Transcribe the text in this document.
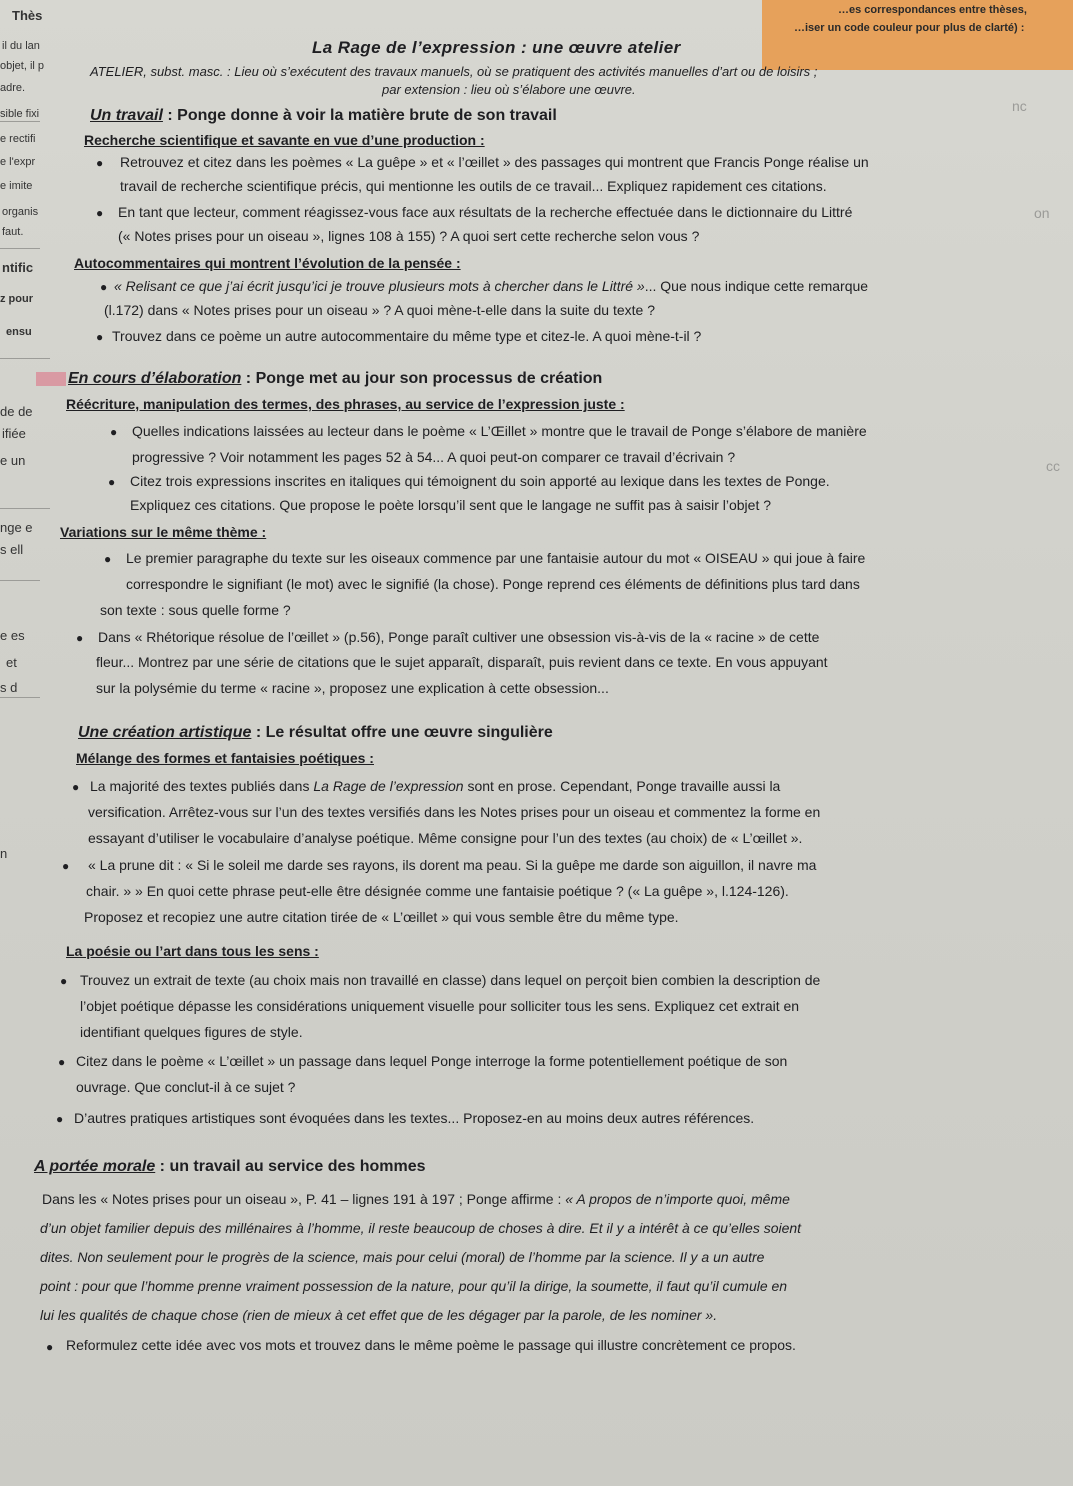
…es correspondances entre thèses,
…iser un code couleur pour plus de clarté) :
Thès
il du lan
objet, il p
adre.
sible fixi
e rectifi
e l'expr
e imite
organis
faut.
ntific
z pour
ensu
de de
ifiée
e un
nge e
s ell
e es
et
s d
n
nc
on
cc
La Rage de l’expression : une œuvre atelier
ATELIER, subst. masc. : Lieu où s’exécutent des travaux manuels, où se pratiquent des activités manuelles d’art ou de loisirs ;
par extension : lieu où s’élabore une œuvre.
Un travail : Ponge donne à voir la matière brute de son travail
Recherche scientifique et savante en vue d’une production :
● Retrouvez et citez dans les poèmes « La guêpe » et « l’œillet » des passages qui montrent que Francis Ponge réalise un
travail de recherche scientifique précis, qui mentionne les outils de ce travail... Expliquez rapidement ces citations.
● En tant que lecteur, comment réagissez-vous face aux résultats de la recherche effectuée dans le dictionnaire du Littré
(« Notes prises pour un oiseau », lignes 108 à 155) ? A quoi sert cette recherche selon vous ?
Autocommentaires qui montrent l’évolution de la pensée :
● « Relisant ce que j’ai écrit jusqu’ici je trouve plusieurs mots à chercher dans le Littré »... Que nous indique cette remarque
(l.172) dans « Notes prises pour un oiseau » ? A quoi mène-t-elle dans la suite du texte ?
● Trouvez dans ce poème un autre autocommentaire du même type et citez-le. A quoi mène-t-il ?
En cours d’élaboration : Ponge met au jour son processus de création
Réécriture, manipulation des termes, des phrases, au service de l’expression juste :
● Quelles indications laissées au lecteur dans le poème « L’Œillet » montre que le travail de Ponge s’élabore de manière
progressive ? Voir notamment les pages 52 à 54... A quoi peut-on comparer ce travail d’écrivain ?
● Citez trois expressions inscrites en italiques qui témoignent du soin apporté au lexique dans les textes de Ponge.
Expliquez ces citations. Que propose le poète lorsqu’il sent que le langage ne suffit pas à saisir l’objet ?
Variations sur le même thème :
● Le premier paragraphe du texte sur les oiseaux commence par une fantaisie autour du mot « OISEAU » qui joue à faire
correspondre le signifiant (le mot) avec le signifié (la chose). Ponge reprend ces éléments de définitions plus tard dans
son texte : sous quelle forme ?
● Dans « Rhétorique résolue de l’œillet » (p.56), Ponge paraît cultiver une obsession vis-à-vis de la « racine » de cette
fleur... Montrez par une série de citations que le sujet apparaît, disparaît, puis revient dans ce texte. En vous appuyant
sur la polysémie du terme « racine », proposez une explication à cette obsession...
Une création artistique : Le résultat offre une œuvre singulière
Mélange des formes et fantaisies poétiques :
● La majorité des textes publiés dans La Rage de l’expression sont en prose. Cependant, Ponge travaille aussi la
versification. Arrêtez-vous sur l’un des textes versifiés dans les Notes prises pour un oiseau et commentez la forme en
essayant d’utiliser le vocabulaire d’analyse poétique. Même consigne pour l’un des textes (au choix) de « L’œillet ».
● « La prune dit : « Si le soleil me darde ses rayons, ils dorent ma peau. Si la guêpe me darde son aiguillon, il navre ma
chair. » » En quoi cette phrase peut-elle être désignée comme une fantaisie poétique ? (« La guêpe », l.124-126).
Proposez et recopiez une autre citation tirée de « L’œillet » qui vous semble être du même type.
La poésie ou l’art dans tous les sens :
● Trouvez un extrait de texte (au choix mais non travaillé en classe) dans lequel on perçoit bien combien la description de
l’objet poétique dépasse les considérations uniquement visuelle pour solliciter tous les sens. Expliquez cet extrait en
identifiant quelques figures de style.
● Citez dans le poème « L’œillet » un passage dans lequel Ponge interroge la forme potentiellement poétique de son
ouvrage. Que conclut-il à ce sujet ?
● D’autres pratiques artistiques sont évoquées dans les textes... Proposez-en au moins deux autres références.
A portée morale : un travail au service des hommes
Dans les « Notes prises pour un oiseau », P. 41 – lignes 191 à 197 ; Ponge affirme : « A propos de n’importe quoi, même
d’un objet familier depuis des millénaires à l’homme, il reste beaucoup de choses à dire. Et il y a intérêt à ce qu’elles soient
dites. Non seulement pour le progrès de la science, mais pour celui (moral) de l’homme par la science. Il y a un autre
point : pour que l’homme prenne vraiment possession de la nature, pour qu’il la dirige, la soumette, il faut qu’il cumule en
lui les qualités de chaque chose (rien de mieux à cet effet que de les dégager par la parole, de les nominer ».
● Reformulez cette idée avec vos mots et trouvez dans le même poème le passage qui illustre concrètement ce propos.
